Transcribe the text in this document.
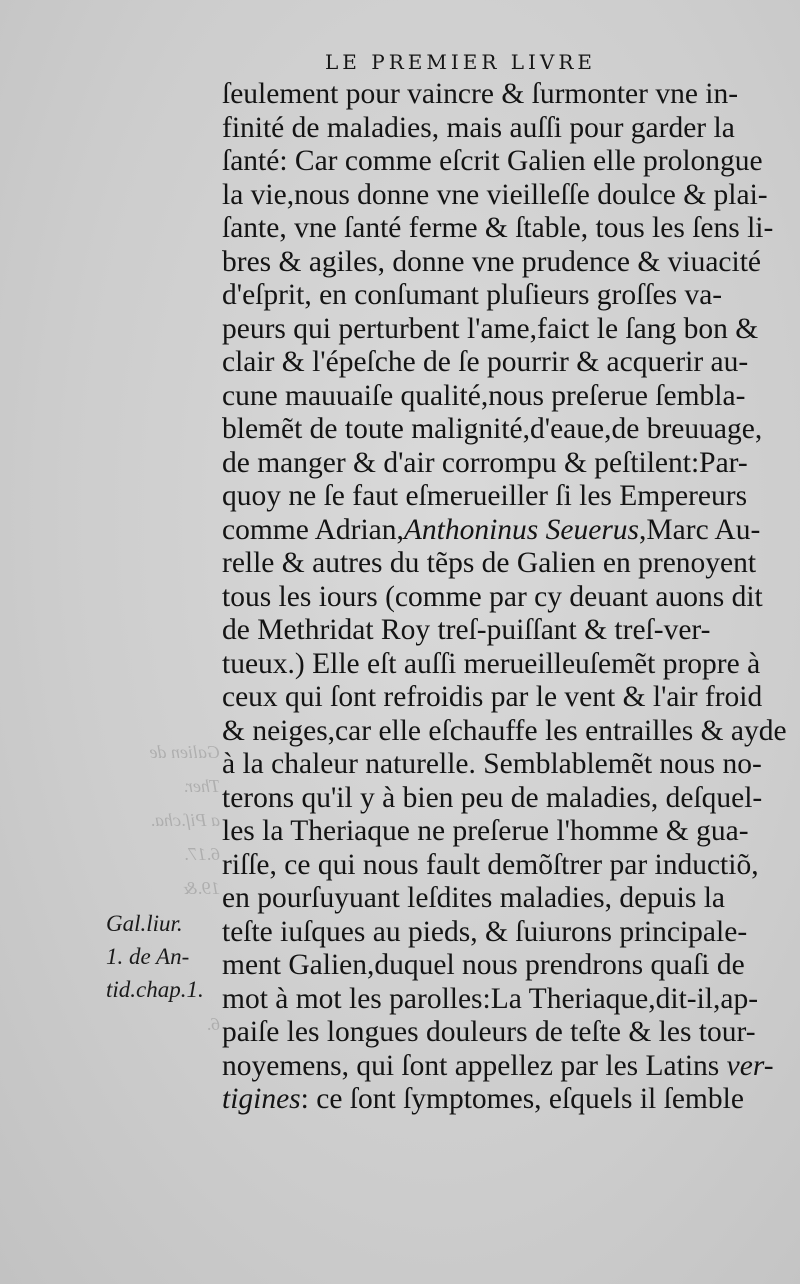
Galien de
Ther.
a Piſ.cha.
6.17.
19.&
6.
LE PREMIER LIVRE
ſeulement pour vaincre & ſurmonter vne in-
finité de maladies, mais auſſi pour garder la
ſanté: Car comme eſcrit Galien elle prolongue
la vie,nous donne vne vieilleſſe doulce & plai-
ſante, vne ſanté ferme & ſtable, tous les ſens li-
bres & agiles, donne vne prudence & viuacité
d'eſprit, en conſumant pluſieurs groſſes va-
peurs qui perturbent l'ame,faict le ſang bon &
clair & l'épeſche de ſe pourrir & acquerir au-
cune mauuaiſe qualité,nous preſerue ſembla-
blemẽt de toute malignité,d'eaue,de breuuage,
de manger & d'air corrompu & peſtilent:Par-
quoy ne ſe faut eſmerueiller ſi les Empereurs
comme Adrian,Anthoninus Seuerus,Marc Au-
relle & autres du tẽps de Galien en prenoyent
tous les iours (comme par cy deuant auons dit
de Methridat Roy treſ-puiſſant & treſ-ver-
tueux.) Elle eſt auſſi merueilleuſemẽt propre à
ceux qui ſont refroidis par le vent & l'air froid
& neiges,car elle eſchauffe les entrailles & ayde
à la chaleur naturelle. Semblablemẽt nous no-
terons qu'il y à bien peu de maladies, deſquel-
les la Theriaque ne preſerue l'homme & gua-
riſſe, ce qui nous fault demõſtrer par inductiõ,
en pourſuyuant leſdites maladies, depuis la
teſte iuſques au pieds, & ſuiurons principale-
ment Galien,duquel nous prendrons quaſi de
mot à mot les parolles:La Theriaque,dit-il,ap-
paiſe les longues douleurs de teſte & les tour-
noyemens, qui ſont appellez par les Latins ver-
tigines: ce ſont ſymptomes, eſquels il ſemble
Gal.liur.
1. de An-
tid.chap.1.
